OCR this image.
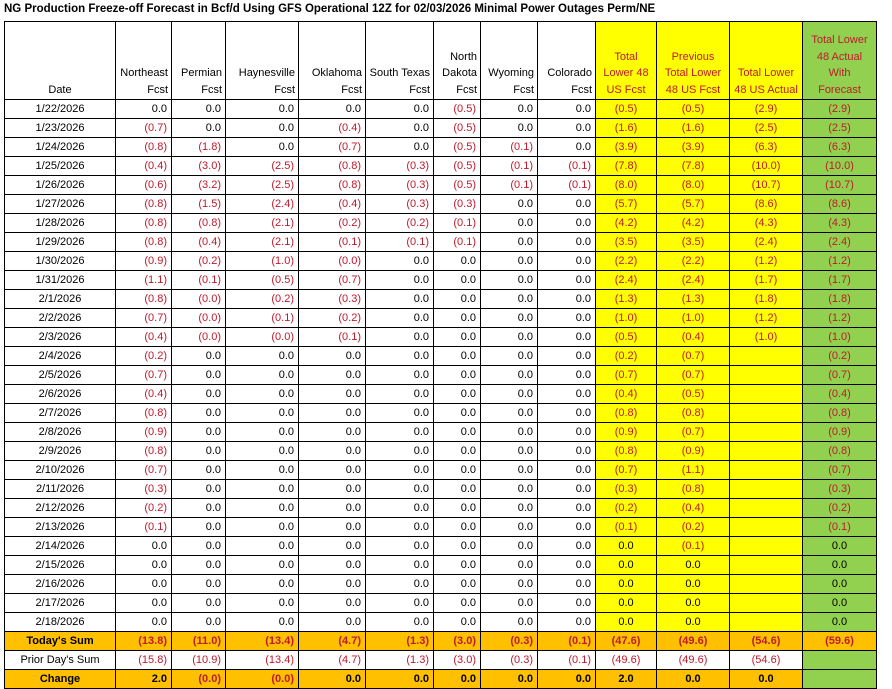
NG Production Freeze-off Forecast in Bcf/d Using GFS Operational 12Z for 02/03/2026 Minimal Power Outages Perm/NE
Date	Northeast Fcst	Permian Fcst	Haynesville Fcst	Oklahoma Fcst	South Texas Fcst	North Dakota Fcst	Wyoming Fcst	Colorado Fcst	Total Lower 48 US Fcst	Previous Total Lower 48 US Fcst	Total Lower 48 US Actual	Total Lower 48 Actual With Forecast
1/22/2026	0.0	0.0	0.0	0.0	0.0	(0.5)	0.0	0.0	(0.5)	(0.5)	(2.9)	(2.9)
1/23/2026	(0.7)	0.0	0.0	(0.4)	0.0	(0.5)	0.0	0.0	(1.6)	(1.6)	(2.5)	(2.5)
1/24/2026	(0.8)	(1.8)	0.0	(0.7)	0.0	(0.5)	(0.1)	0.0	(3.9)	(3.9)	(6.3)	(6.3)
1/25/2026	(0.4)	(3.0)	(2.5)	(0.8)	(0.3)	(0.5)	(0.1)	(0.1)	(7.8)	(7.8)	(10.0)	(10.0)
1/26/2026	(0.6)	(3.2)	(2.5)	(0.8)	(0.3)	(0.5)	(0.1)	(0.1)	(8.0)	(8.0)	(10.7)	(10.7)
1/27/2026	(0.8)	(1.5)	(2.4)	(0.4)	(0.3)	(0.3)	0.0	0.0	(5.7)	(5.7)	(8.6)	(8.6)
1/28/2026	(0.8)	(0.8)	(2.1)	(0.2)	(0.2)	(0.1)	0.0	0.0	(4.2)	(4.2)	(4.3)	(4.3)
1/29/2026	(0.8)	(0.4)	(2.1)	(0.1)	(0.1)	(0.1)	0.0	0.0	(3.5)	(3.5)	(2.4)	(2.4)
1/30/2026	(0.9)	(0.2)	(1.0)	(0.0)	0.0	0.0	0.0	0.0	(2.2)	(2.2)	(1.2)	(1.2)
1/31/2026	(1.1)	(0.1)	(0.5)	(0.7)	0.0	0.0	0.0	0.0	(2.4)	(2.4)	(1.7)	(1.7)
2/1/2026	(0.8)	(0.0)	(0.2)	(0.3)	0.0	0.0	0.0	0.0	(1.3)	(1.3)	(1.8)	(1.8)
2/2/2026	(0.7)	(0.0)	(0.1)	(0.2)	0.0	0.0	0.0	0.0	(1.0)	(1.0)	(1.2)	(1.2)
2/3/2026	(0.4)	(0.0)	(0.0)	(0.1)	0.0	0.0	0.0	0.0	(0.5)	(0.4)	(1.0)	(1.0)
2/4/2026	(0.2)	0.0	0.0	0.0	0.0	0.0	0.0	0.0	(0.2)	(0.7)		(0.2)
2/5/2026	(0.7)	0.0	0.0	0.0	0.0	0.0	0.0	0.0	(0.7)	(0.7)		(0.7)
2/6/2026	(0.4)	0.0	0.0	0.0	0.0	0.0	0.0	0.0	(0.4)	(0.5)		(0.4)
2/7/2026	(0.8)	0.0	0.0	0.0	0.0	0.0	0.0	0.0	(0.8)	(0.8)		(0.8)
2/8/2026	(0.9)	0.0	0.0	0.0	0.0	0.0	0.0	0.0	(0.9)	(0.7)		(0.9)
2/9/2026	(0.8)	0.0	0.0	0.0	0.0	0.0	0.0	0.0	(0.8)	(0.9)		(0.8)
2/10/2026	(0.7)	0.0	0.0	0.0	0.0	0.0	0.0	0.0	(0.7)	(1.1)		(0.7)
2/11/2026	(0.3)	0.0	0.0	0.0	0.0	0.0	0.0	0.0	(0.3)	(0.8)		(0.3)
2/12/2026	(0.2)	0.0	0.0	0.0	0.0	0.0	0.0	0.0	(0.2)	(0.4)		(0.2)
2/13/2026	(0.1)	0.0	0.0	0.0	0.0	0.0	0.0	0.0	(0.1)	(0.2)		(0.1)
2/14/2026	0.0	0.0	0.0	0.0	0.0	0.0	0.0	0.0	0.0	(0.1)		0.0
2/15/2026	0.0	0.0	0.0	0.0	0.0	0.0	0.0	0.0	0.0	0.0		0.0
2/16/2026	0.0	0.0	0.0	0.0	0.0	0.0	0.0	0.0	0.0	0.0		0.0
2/17/2026	0.0	0.0	0.0	0.0	0.0	0.0	0.0	0.0	0.0	0.0		0.0
2/18/2026	0.0	0.0	0.0	0.0	0.0	0.0	0.0	0.0	0.0	0.0		0.0
Today's Sum	(13.8)	(11.0)	(13.4)	(4.7)	(1.3)	(3.0)	(0.3)	(0.1)	(47.6)	(49.6)	(54.6)	(59.6)
Prior Day's Sum	(15.8)	(10.9)	(13.4)	(4.7)	(1.3)	(3.0)	(0.3)	(0.1)	(49.6)	(49.6)	(54.6)	
Change	2.0	(0.0)	(0.0)	0.0	0.0	0.0	0.0	0.0	2.0	0.0	0.0	
